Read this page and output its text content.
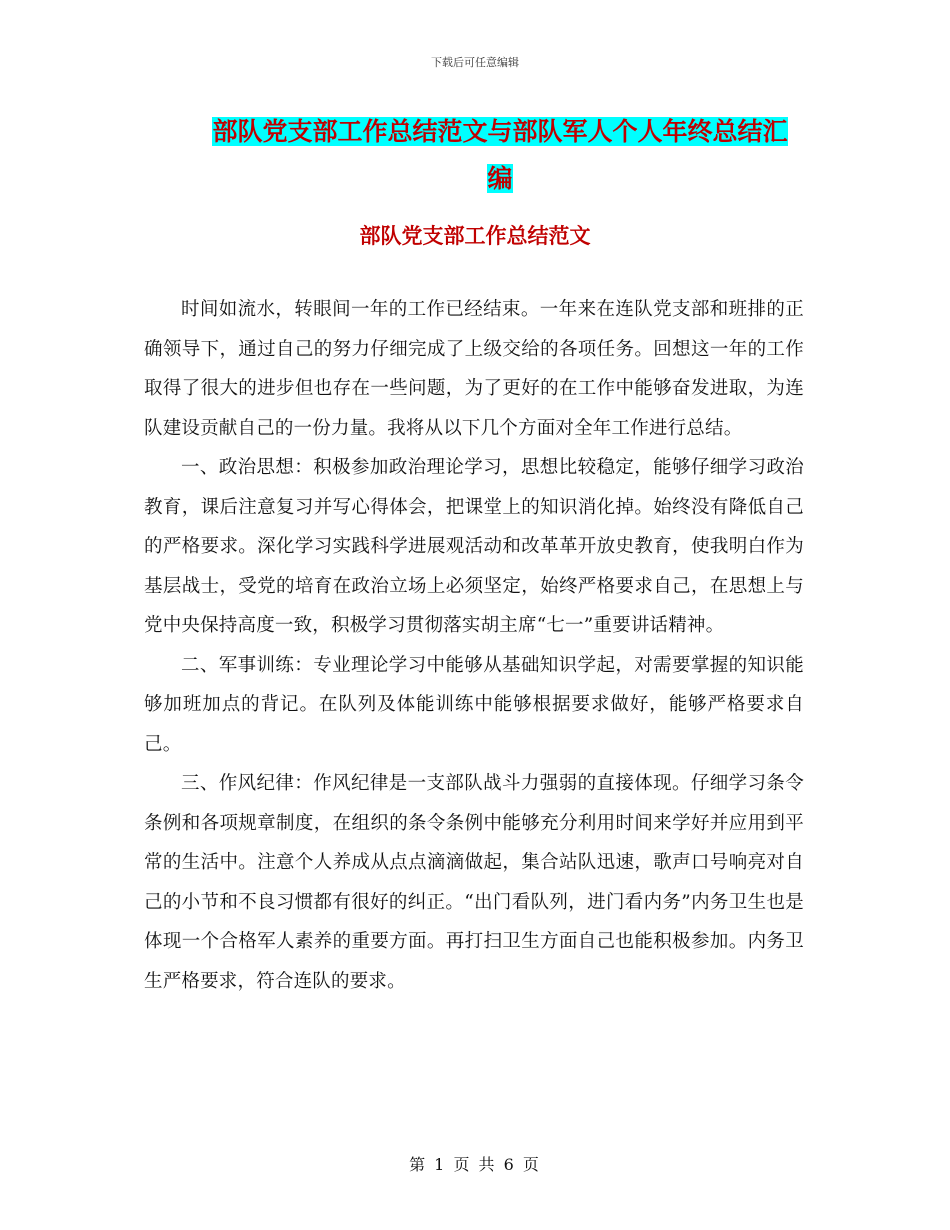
下载后可任意编辑
部队党支部工作总结范文与部队军人个人年终总结汇
编
部队党支部工作总结范文

时间如流水，转眼间一年的工作已经结束。一年来在连队党支部和班排的正确领导下，通过自己的努力仔细完成了上级交给的各项任务。回想这一年的工作取得了很大的进步但也存在一些问题，为了更好的在工作中能够奋发进取，为连队建设贡献自己的一份力量。我将从以下几个方面对全年工作进行总结。

一、政治思想：积极参加政治理论学习，思想比较稳定，能够仔细学习政治教育，课后注意复习并写心得体会，把课堂上的知识消化掉。始终没有降低自己的严格要求。深化学习实践科学进展观活动和改革革开放史教育，使我明白作为基层战士，受党的培育在政治立场上必须坚定，始终严格要求自己，在思想上与党中央保持高度一致，积极学习贯彻落实胡主席“七一”重要讲话精神。

二、军事训练：专业理论学习中能够从基础知识学起，对需要掌握的知识能够加班加点的背记。在队列及体能训练中能够根据要求做好，能够严格要求自己。

三、作风纪律：作风纪律是一支部队战斗力强弱的直接体现。仔细学习条令条例和各项规章制度，在组织的条令条例中能够充分利用时间来学好并应用到平常的生活中。注意个人养成从点点滴滴做起，集合站队迅速，歌声口号响亮对自己的小节和不良习惯都有很好的纠正。“出门看队列，进门看内务”内务卫生也是体现一个合格军人素养的重要方面。再打扫卫生方面自己也能积极参加。内务卫生严格要求，符合连队的要求。

第 1 页 共 6 页
